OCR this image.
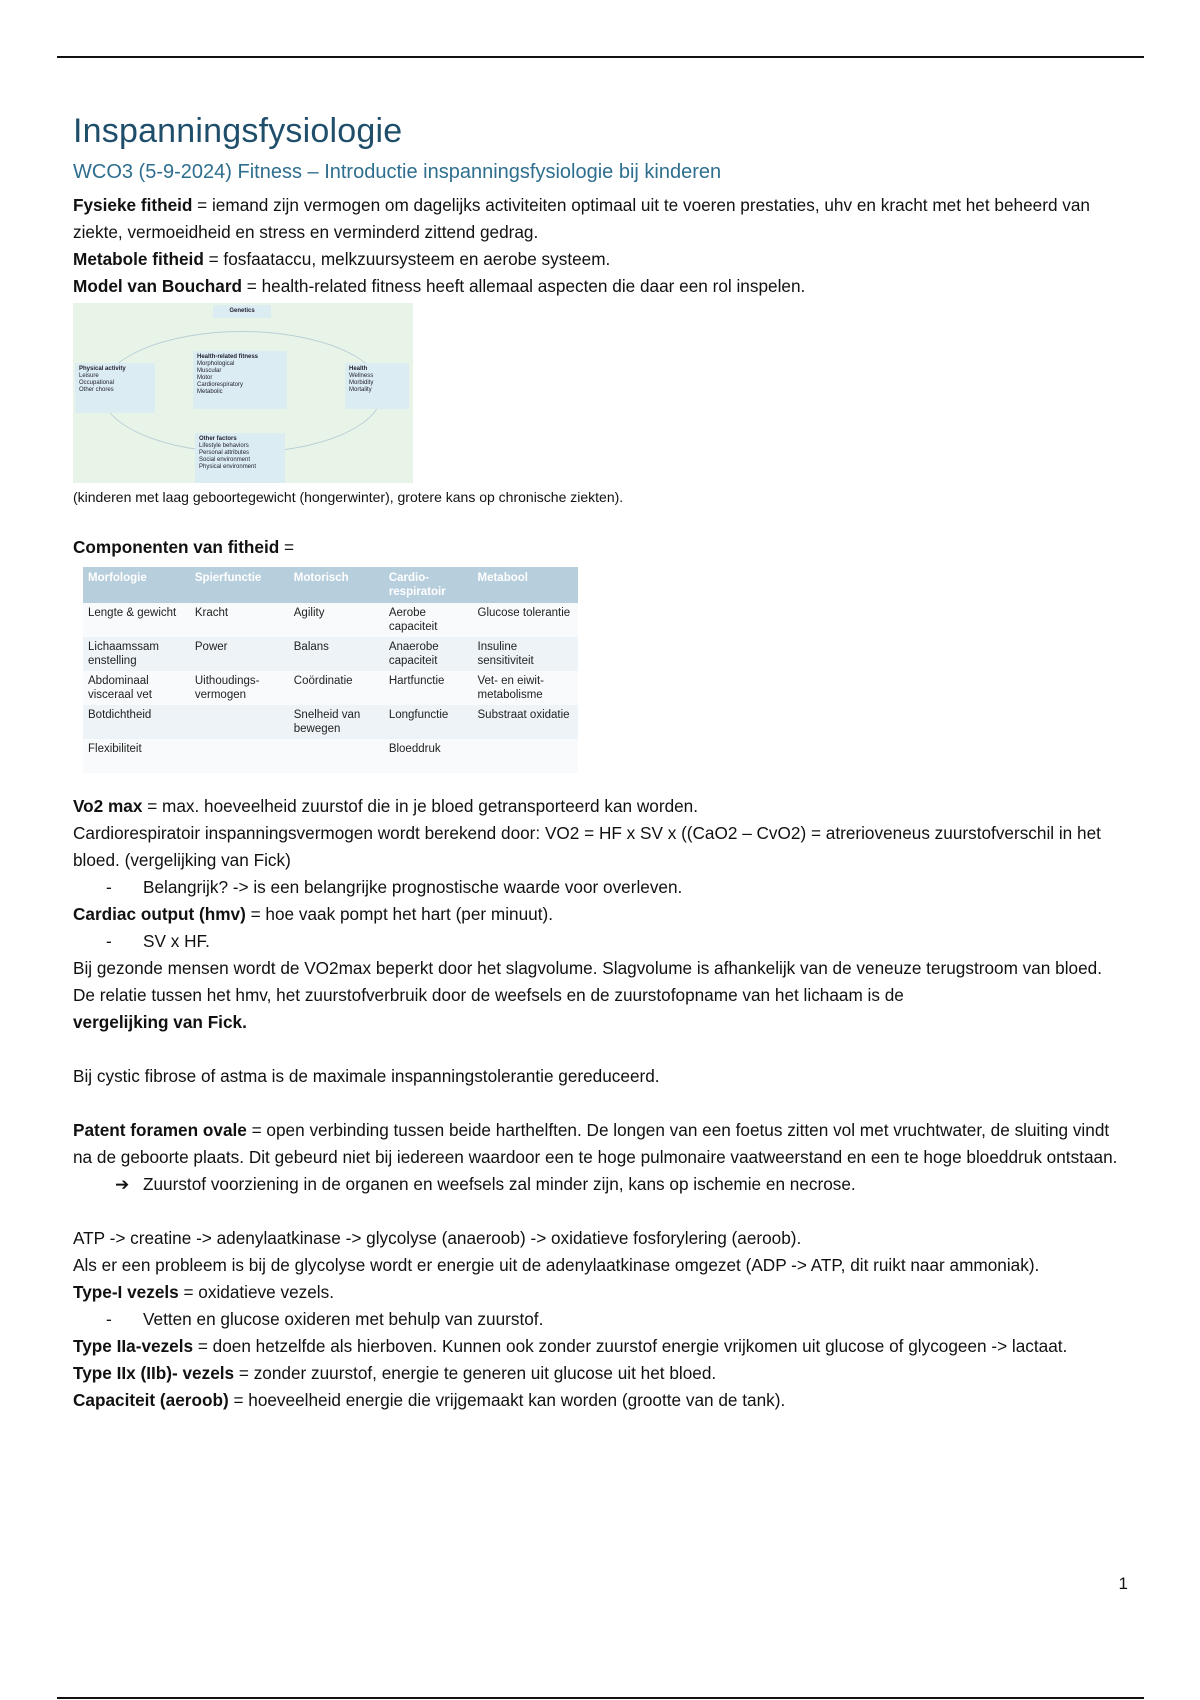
Inspanningsfysiologie
WCO3 (5-9-2024) Fitness – Introductie inspanningsfysiologie bij kinderen

Fysieke fitheid = iemand zijn vermogen om dagelijks activiteiten optimaal uit te voeren prestaties, uhv en kracht met het beheerd van ziekte, vermoeidheid en stress en verminderd zittend gedrag.

Metabole fitheid = fosfaataccu, melkzuursysteem en aerobe systeem.

Model van Bouchard = health-related fitness heeft allemaal aspecten die daar een rol inspelen.

Genetics
Physical activity
Leisure
Occupational
Other chores
Health-related fitness
Morphological
Muscular
Motor
Cardiorespiratory
Metabolic
Health
Wellness
Morbidity
Mortality
Other factors
Lifestyle behaviors
Personal attributes
Social environment
Physical environment

(kinderen met laag geboortegewicht (hongerwinter), grotere kans op chronische ziekten).

Componenten van fitheid =

Morfologie	Spierfunctie	Motorisch	Cardio-respiratoir	Metabool
Lengte & gewicht	Kracht	Agility	Aerobe capaciteit	Glucose tolerantie
Lichaamssam enstelling	Power	Balans	Anaerobe capaciteit	Insuline sensitiviteit
Abdominaal visceraal vet	Uithoudings-vermogen	Coördinatie	Hartfunctie	Vet- en eiwit-metabolisme
Botdichtheid		Snelheid van bewegen	Longfunctie	Substraat oxidatie
Flexibiliteit			Bloeddruk	

Vo2 max = max. hoeveelheid zuurstof die in je bloed getransporteerd kan worden.

Cardiorespiratoir inspanningsvermogen wordt berekend door: VO2 = HF x SV x ((CaO2 – CvO2) = atrerioveneus zuurstofverschil in het bloed. (vergelijking van Fick)

- Belangrijk? -> is een belangrijke prognostische waarde voor overleven.

Cardiac output (hmv) = hoe vaak pompt het hart (per minuut).

- SV x HF.

Bij gezonde mensen wordt de VO2max beperkt door het slagvolume. Slagvolume is afhankelijk van de veneuze terugstroom van bloed.

De relatie tussen het hmv, het zuurstofverbruik door de weefsels en de zuurstofopname van het lichaam is de
vergelijking van Fick.

Bij cystic fibrose of astma is de maximale inspanningstolerantie gereduceerd.

Patent foramen ovale = open verbinding tussen beide harthelften. De longen van een foetus zitten vol met vruchtwater, de sluiting vindt na de geboorte plaats. Dit gebeurd niet bij iedereen waardoor een te hoge pulmonaire vaatweerstand en een te hoge bloeddruk ontstaan.

➔ Zuurstof voorziening in de organen en weefsels zal minder zijn, kans op ischemie en necrose.

ATP -> creatine -> adenylaatkinase -> glycolyse (anaeroob) -> oxidatieve fosforylering (aeroob).

Als er een probleem is bij de glycolyse wordt er energie uit de adenylaatkinase omgezet (ADP -> ATP, dit ruikt naar ammoniak).

Type-I vezels = oxidatieve vezels.

- Vetten en glucose oxideren met behulp van zuurstof.

Type IIa-vezels = doen hetzelfde als hierboven. Kunnen ook zonder zuurstof energie vrijkomen uit glucose of glycogeen -> lactaat.

Type IIx (IIb)- vezels = zonder zuurstof, energie te generen uit glucose uit het bloed.

Capaciteit (aeroob) = hoeveelheid energie die vrijgemaakt kan worden (grootte van de tank).

1
